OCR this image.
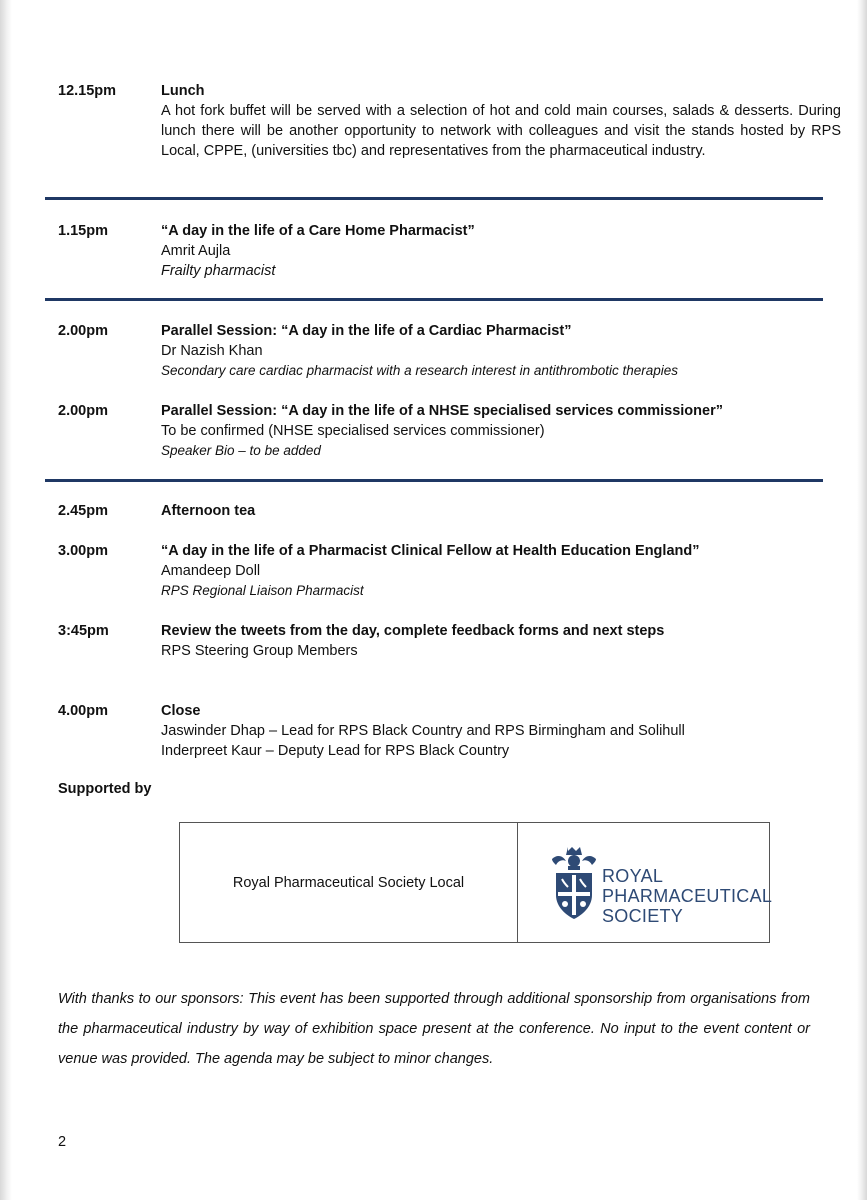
12.15pm	Lunch
A hot fork buffet will be served with a selection of hot and cold main courses, salads & desserts. During lunch there will be another opportunity to network with colleagues and visit the stands hosted by RPS Local, CPPE, (universities tbc) and representatives from the pharmaceutical industry.
1.15pm	“A day in the life of a Care Home Pharmacist”
Amrit Aujla
Frailty pharmacist
2.00pm	Parallel Session: “A day in the life of a Cardiac Pharmacist”
Dr Nazish Khan
Secondary care cardiac pharmacist with a research interest in antithrombotic therapies
2.00pm	Parallel Session: “A day in the life of a NHSE specialised services commissioner”
To be confirmed (NHSE specialised services commissioner)
Speaker Bio – to be added
2.45pm	Afternoon tea
3.00pm	“A day in the life of a Pharmacist Clinical Fellow at Health Education England”
Amandeep Doll
RPS Regional Liaison Pharmacist
3:45pm	Review the tweets from the day, complete feedback forms and next steps
RPS Steering Group Members
4.00pm	Close
Jaswinder Dhap – Lead for RPS Black Country and RPS Birmingham and Solihull
Inderpreet Kaur – Deputy Lead for RPS Black Country
Supported by
Royal Pharmaceutical Society Local	ROYAL
PHARMACEUTICAL
SOCIETY
With thanks to our sponsors: This event has been supported through additional sponsorship from organisations from the pharmaceutical industry by way of exhibition space present at the conference. No input to the event content or venue was provided. The agenda may be subject to minor changes.
2
